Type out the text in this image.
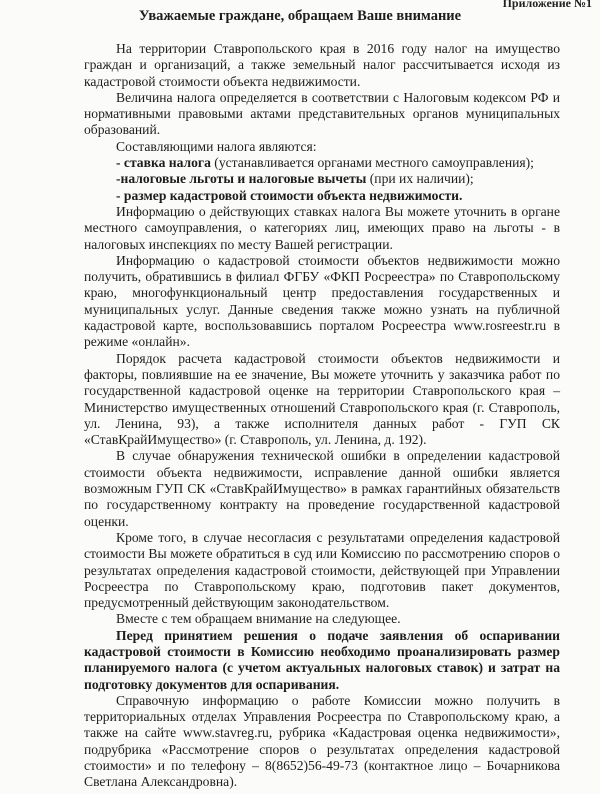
Приложение №1
Уважаемые граждане, обращаем Ваше внимание

На территории Ставропольского края в 2016 году налог на имущество граждан и организаций, а также земельный налог рассчитывается исходя из кадастровой стоимости объекта недвижимости.

Величина налога определяется в соответствии с Налоговым кодексом РФ и нормативными правовыми актами представительных органов муниципальных образований.

Составляющими налога являются:

- ставка налога (устанавливается органами местного самоуправления);

-налоговые льготы и налоговые вычеты (при их наличии);

- размер кадастровой стоимости объекта недвижимости.

Информацию о действующих ставках налога Вы можете уточнить в органе местного самоуправления, о категориях лиц, имеющих право на льготы - в налоговых инспекциях по месту Вашей регистрации.

Информацию о кадастровой стоимости объектов недвижимости можно получить, обратившись в филиал ФГБУ «ФКП Росреестра» по Ставропольскому краю, многофункциональный центр предоставления государственных и муниципальных услуг. Данные сведения также можно узнать на публичной кадастровой карте, воспользовавшись порталом Росреестра www.rosreestr.ru в режиме «онлайн».

Порядок расчета кадастровой стоимости объектов недвижимости и факторы, повлиявшие на ее значение, Вы можете уточнить у заказчика работ по государственной кадастровой оценке на территории Ставропольского края – Министерство имущественных отношений Ставропольского края (г. Ставрополь, ул. Ленина, 93), а также исполнителя данных работ - ГУП СК «СтавКрайИмущество» (г. Ставрополь, ул. Ленина, д. 192).

В случае обнаружения технической ошибки в определении кадастровой стоимости объекта недвижимости, исправление данной ошибки является возможным ГУП СК «СтавКрайИмущество» в рамках гарантийных обязательств по государственному контракту на проведение государственной кадастровой оценки.

Кроме того, в случае несогласия с результатами определения кадастровой стоимости Вы можете обратиться в суд или Комиссию по рассмотрению споров о результатах определения кадастровой стоимости, действующей при Управлении Росреестра по Ставропольскому краю, подготовив пакет документов, предусмотренный действующим законодательством.

Вместе с тем обращаем внимание на следующее.

Перед принятием решения о подаче заявления об оспаривании кадастровой стоимости в Комиссию необходимо проанализировать размер планируемого налога (с учетом актуальных налоговых ставок) и затрат на подготовку документов для оспаривания.

Справочную информацию о работе Комиссии можно получить в территориальных отделах Управления Росреестра по Ставропольскому краю, а также на сайте www.stavreg.ru, рубрика «Кадастровая оценка недвижимости», подрубрика «Рассмотрение споров о результатах определения кадастровой стоимости» и по телефону – 8(8652)56-49-73 (контактное лицо – Бочарникова Светлана Александровна).
